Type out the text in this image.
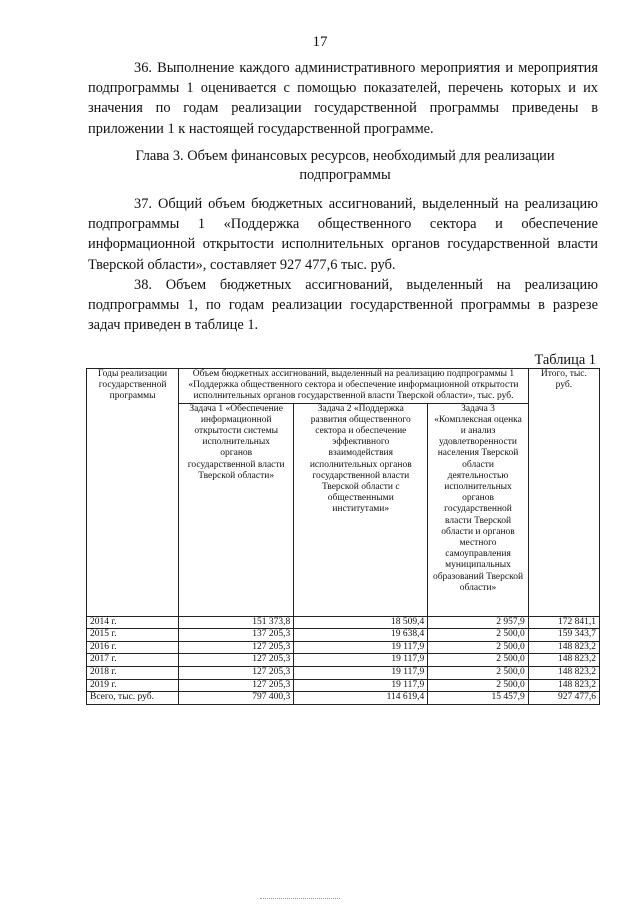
17

36. Выполнение каждого административного мероприятия и мероприятия подпрограммы 1 оценивается с помощью показателей, перечень которых и их значения по годам реализации государственной программы приведены в приложении 1 к настоящей государственной программе.

Глава 3. Объем финансовых ресурсов, необходимый для реализации подпрограммы

37. Общий объем бюджетных ассигнований, выделенный на реализацию подпрограммы 1 «Поддержка общественного сектора и обеспечение информационной открытости исполнительных органов государственной власти Тверской области», составляет 927 477,6 тыс. руб.

38. Объем бюджетных ассигнований, выделенный на реализацию подпрограммы 1, по годам реализации государственной программы в разрезе задач приведен в таблице 1.

Таблица 1
Годы реализации государственной программы	Объем бюджетных ассигнований, выделенный на реализацию подпрограммы 1 «Поддержка общественного сектора и обеспечение информационной открытости исполнительных органов государственной власти Тверской области», тыс. руб.			Итого, тыс. руб.
	Задача 1 «Обеспечение информационной открытости системы исполнительных органов государственной власти Тверской области»	Задача 2 «Поддержка развития общественного сектора и обеспечение эффективного взаимодействия исполнительных органов государственной власти Тверской области с общественными институтами»	Задача 3 «Комплексная оценка и анализ удовлетворенности населения Тверской области деятельностью исполнительных органов государственной власти Тверской области и органов местного самоуправления муниципальных образований Тверской области»	
2014 г.	151 373,8	18 509,4	2 957,9	172 841,1
2015 г.	137 205,3	19 638,4	2 500,0	159 343,7
2016 г.	127 205,3	19 117,9	2 500,0	148 823,2
2017 г.	127 205,3	19 117,9	2 500,0	148 823,2
2018 г.	127 205,3	19 117,9	2 500,0	148 823,2
2019 г.	127 205,3	19 117,9	2 500,0	148 823,2
Всего, тыс. руб.	797 400,3	114 619,4	15 457,9	927 477,6
